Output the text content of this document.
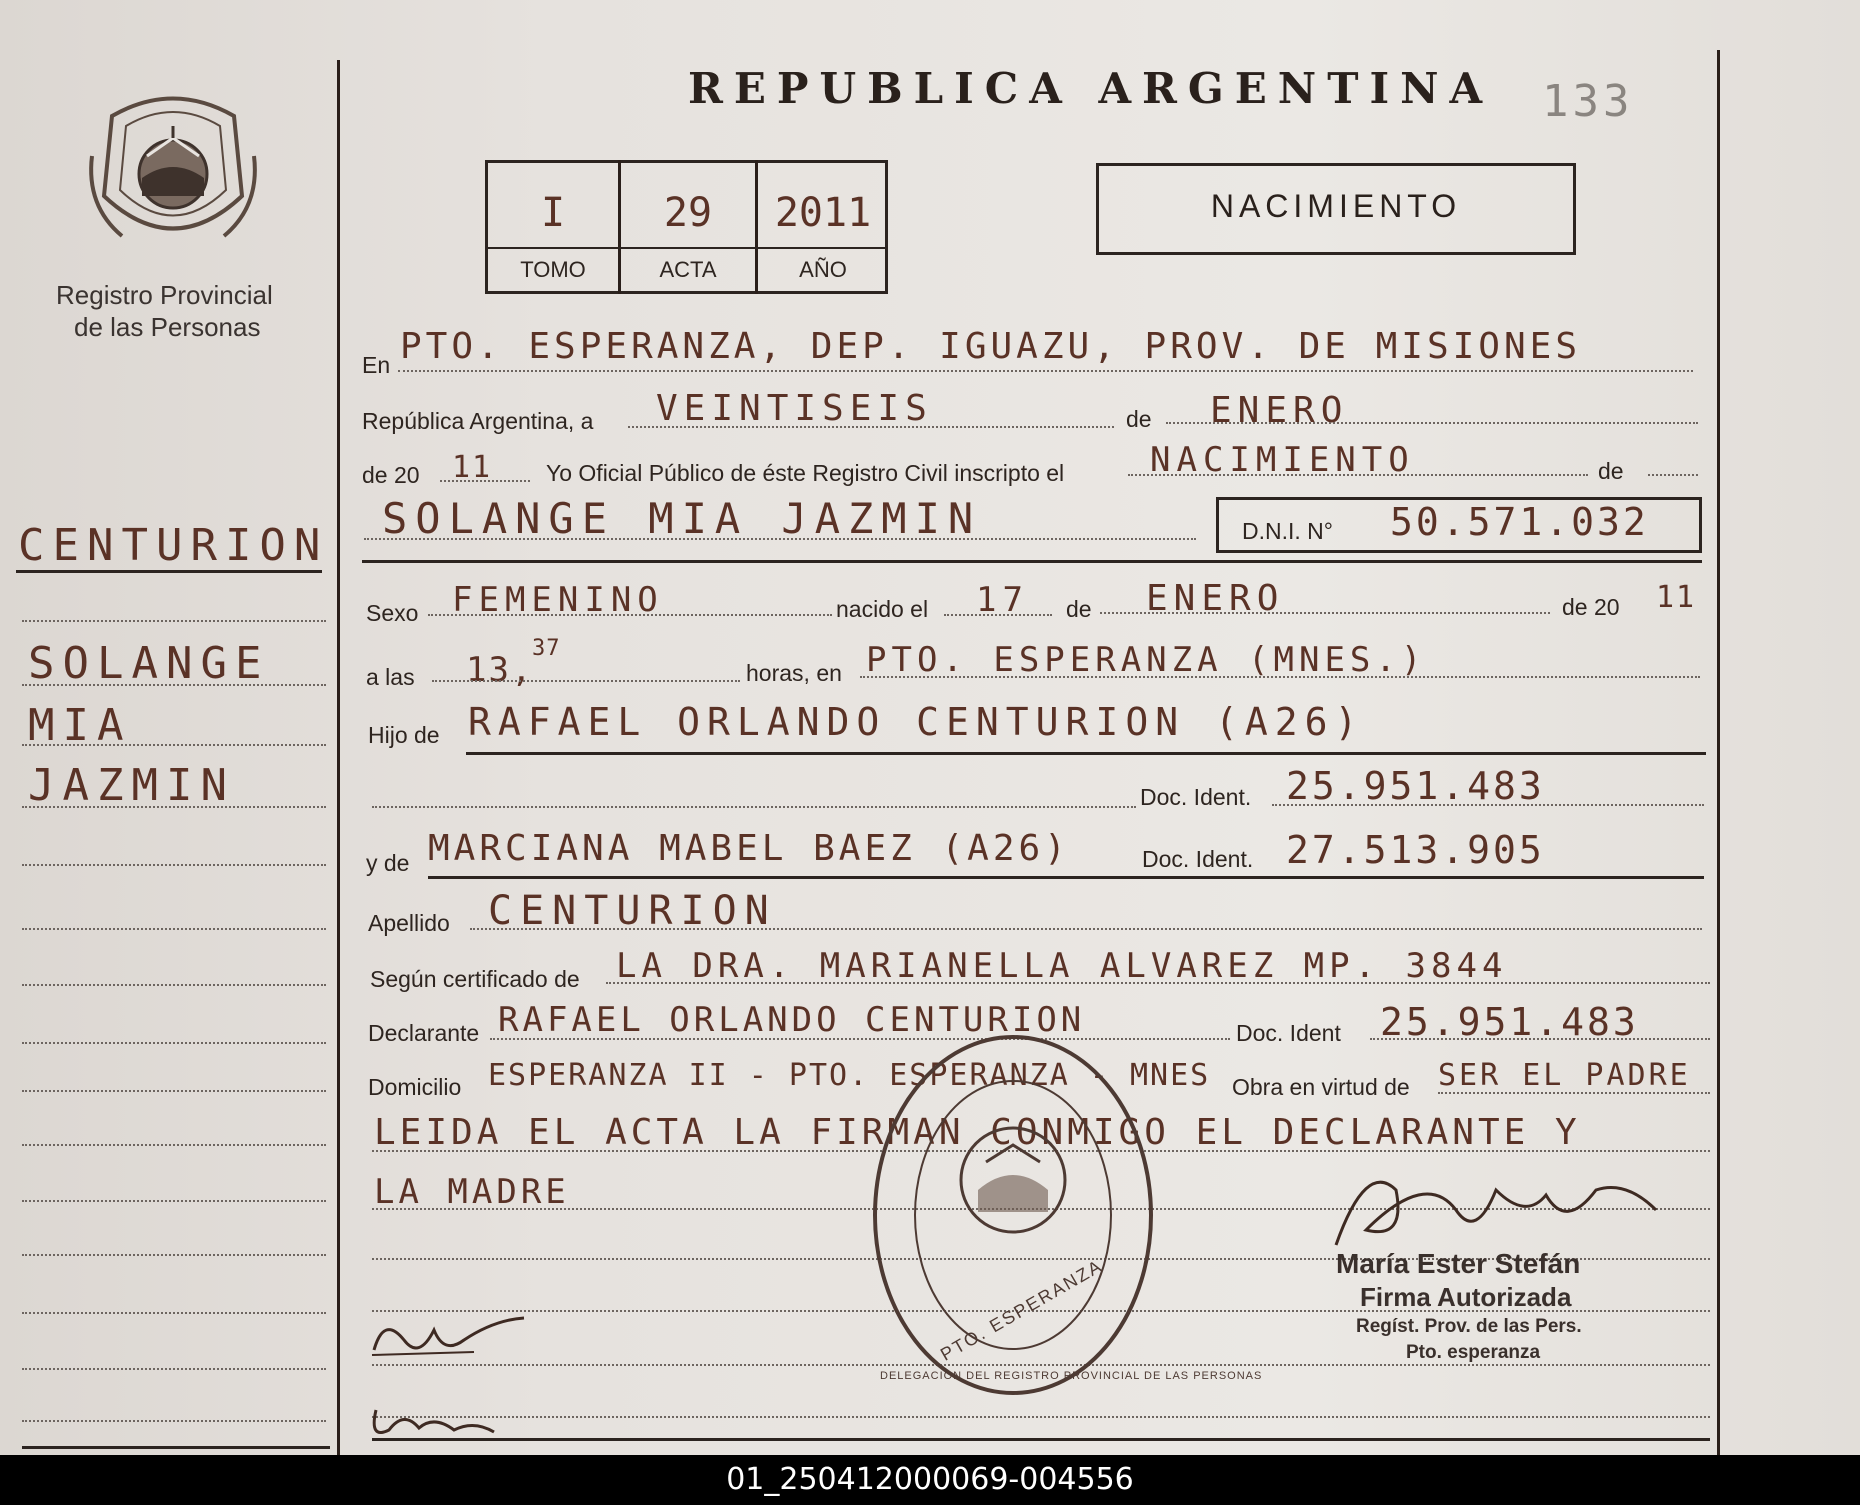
Registro Provincial
de las Personas
REPUBLICA ARGENTINA 133
I	29	2011
TOMO	ACTA	AÑO
NACIMIENTO
En PTO. ESPERANZA, DEP. IGUAZU, PROV. DE MISIONES
República Argentina, a VEINTISEIS	de ENERO
de 20 11 Yo Oficial Público de éste Registro Civil inscripto el	NACIMIENTO	de
SOLANGE MIA JAZMIN	D.N.I. N° 50.571.032
Sexo FEMENINO	nacido el 17 de ENERO	de 20 11
a las 13,
37
horas, en PTO. ESPERANZA (MNES.)
Hijo de RAFAEL ORLANDO CENTURION (A26)
Doc. Ident. 25.951.483
y de MARCIANA MABEL BAEZ (A26)	Doc. Ident. 27.513.905
Apellido CENTURION
Según certificado de LA DRA. MARIANELLA ALVAREZ MP. 3844
Declarante RAFAEL ORLANDO CENTURION	Doc. Ident 25.951.483
Domicilio ESPERANZA II - PTO. ESPERANZA - MNES Obra en virtud de SER EL PADRE
LEIDA EL ACTA LA FIRMAN CONMIGO EL DECLARANTE Y
LA MADRE
CENTURION
SOLANGE
MIA
JAZMIN
DELEGACION DEL REGISTRO PROVINCIAL DE LAS PERSONAS
PTO. ESPERANZA	María Ester Stefán
Firma Autorizada
Regíst. Prov. de las Pers.
Pto. esperanza
01_250412000069-004556
